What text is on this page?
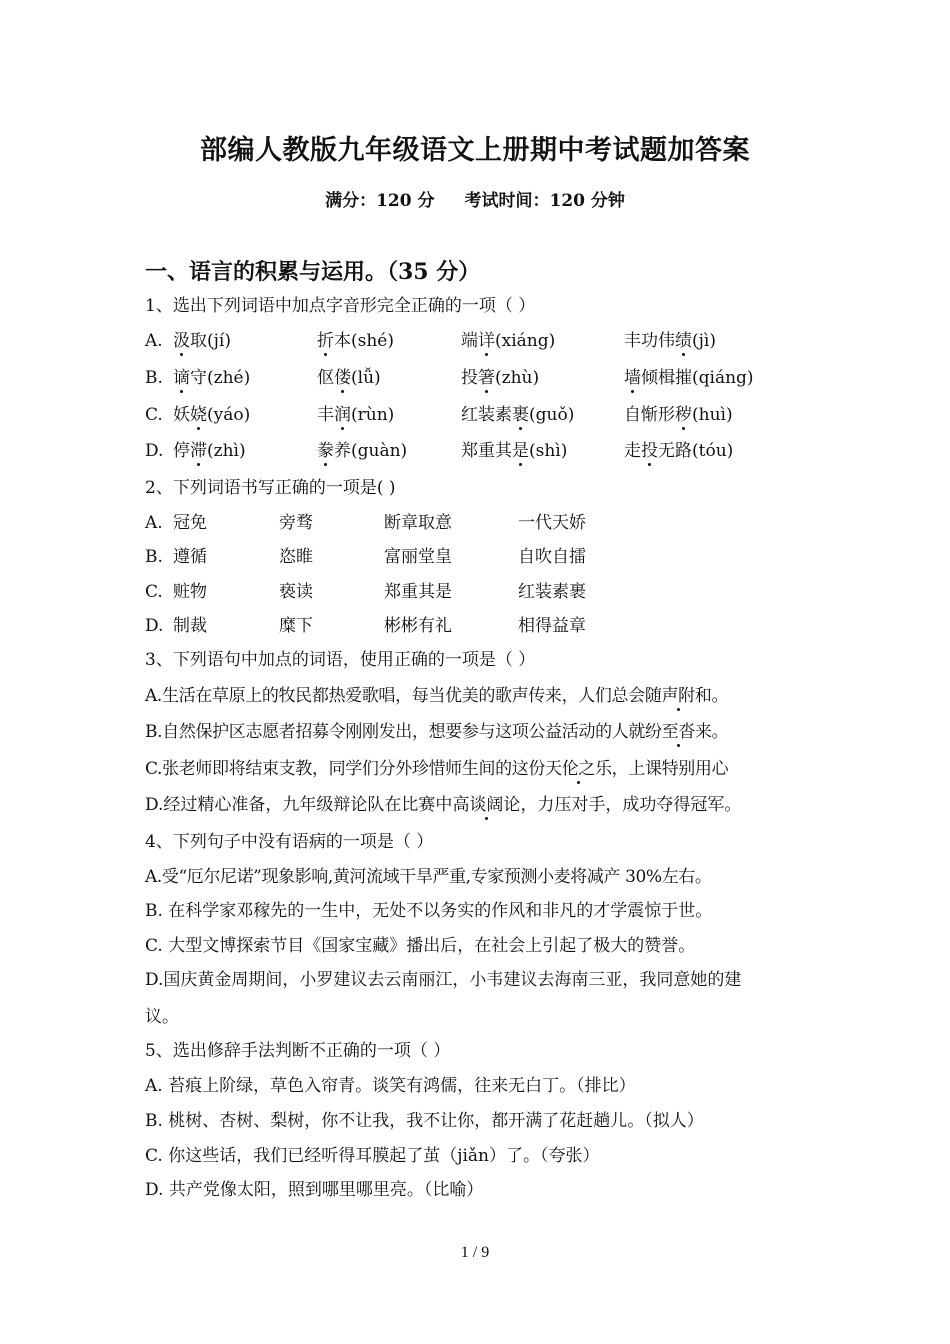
部编人教版九年级语文上册期中考试题加答案
满分：120 分 考试时间：120 分钟
一、语言的积累与运用。（35 分）
1、选出下列词语中加点字音形完全正确的一项（ ）
A. 汲取(jí)	折本(shé)	端详(xiáng)	丰功伟绩(jì)
B. 谪守(zhé)	伛偻(lǚ)	投箸(zhù)	墙倾楫摧(qiáng)
C. 妖娆(yáo)	丰润(rùn)	红装素裹(guǒ)	自惭形秽(huì)
D. 停滞(zhì)	豢养(guàn)	郑重其是(shì)	走投无路(tóu)
2、下列词语书写正确的一项是( )
A. 冠免	旁骛	断章取意	一代天娇
B. 遵循	恣睢	富丽堂皇	自吹自擂
C. 赃物	亵读	郑重其是	红装素裹
D. 制裁	糜下	彬彬有礼	相得益章
3、下列语句中加点的词语，使用正确的一项是（ ）
A.生活在草原上的牧民都热爱歌唱，每当优美的歌声传来，人们总会随声附和。
B.自然保护区志愿者招募令刚刚发出，想要参与这项公益活动的人就纷至沓来。
C.张老师即将结束支教，同学们分外珍惜师生间的这份天伦之乐，上课特别用心
D.经过精心准备，九年级辩论队在比赛中高谈阔论，力压对手，成功夺得冠军。
4、下列句子中没有语病的一项是（ ）
A.受“厄尔尼诺”现象影响,黄河流域干旱严重,专家预测小麦将减产 30%左右。
B. 在科学家邓稼先的一生中，无处不以务实的作风和非凡的才学震惊于世。
C. 大型文博探索节目《国家宝藏》播出后，在社会上引起了极大的赞誉。
D.国庆黄金周期间，小罗建议去云南丽江，小韦建议去海南三亚，我同意她的建
议。
5、选出修辞手法判断不正确的一项（ ）
A. 苔痕上阶绿，草色入帘青。谈笑有鸿儒，往来无白丁。（排比）
B. 桃树、杏树、梨树，你不让我，我不让你，都开满了花赶趟儿。（拟人）
C. 你这些话，我们已经听得耳膜起了茧（jiǎn）了。（夸张）
D. 共产党像太阳，照到哪里哪里亮。（比喻）
1 / 9
